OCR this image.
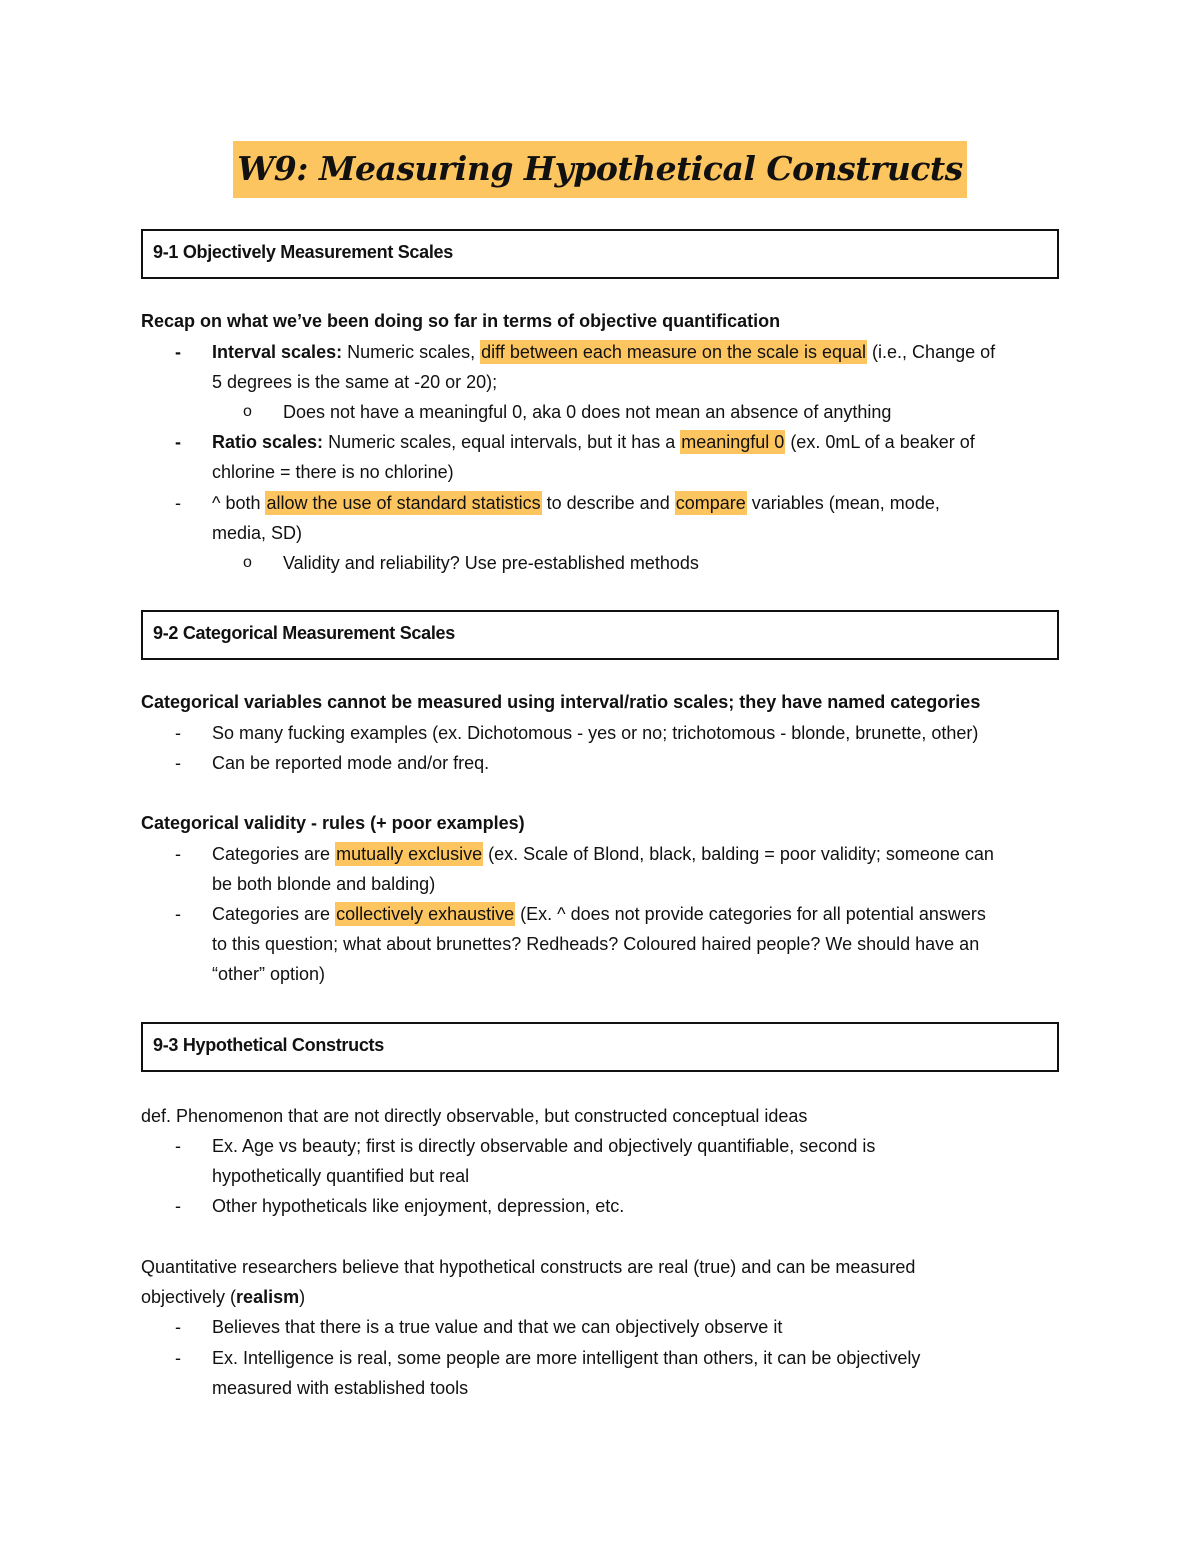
W9: Measuring Hypothetical Constructs
9-1 Objectively Measurement Scales
Recap on what we’ve been doing so far in terms of objective quantification
- Interval scales: Numeric scales, diff between each measure on the scale is equal (i.e., Change of
5 degrees is the same at -20 or 20);
o Does not have a meaningful 0, aka 0 does not mean an absence of anything
- Ratio scales: Numeric scales, equal intervals, but it has a meaningful 0 (ex. 0mL of a beaker of
chlorine = there is no chlorine)
- ^ both allow the use of standard statistics to describe and compare variables (mean, mode,
media, SD)
o Validity and reliability? Use pre-established methods
9-2 Categorical Measurement Scales
Categorical variables cannot be measured using interval/ratio scales; they have named categories
- So many fucking examples (ex. Dichotomous - yes or no; trichotomous - blonde, brunette, other)
- Can be reported mode and/or freq.
Categorical validity - rules (+ poor examples)
- Categories are mutually exclusive (ex. Scale of Blond, black, balding = poor validity; someone can
be both blonde and balding)
- Categories are collectively exhaustive (Ex. ^ does not provide categories for all potential answers
to this question; what about brunettes? Redheads? Coloured haired people? We should have an
“other” option)
9-3 Hypothetical Constructs
def. Phenomenon that are not directly observable, but constructed conceptual ideas
- Ex. Age vs beauty; first is directly observable and objectively quantifiable, second is
hypothetically quantified but real
- Other hypotheticals like enjoyment, depression, etc.
Quantitative researchers believe that hypothetical constructs are real (true) and can be measured
objectively (realism)
- Believes that there is a true value and that we can objectively observe it
- Ex. Intelligence is real, some people are more intelligent than others, it can be objectively
measured with established tools
